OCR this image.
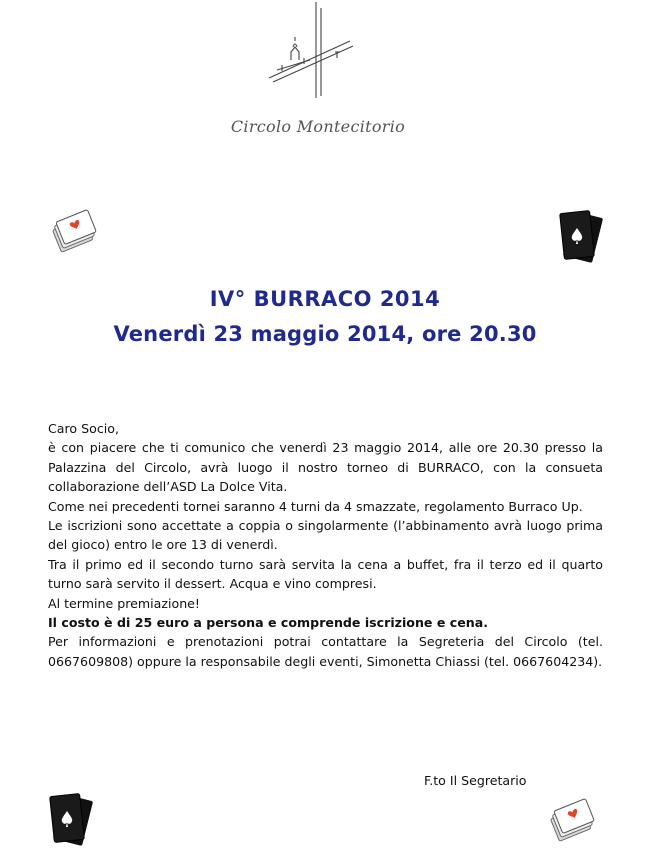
Circolo Montecitorio
IV° BURRACO 2014
Venerdì 23 maggio 2014, ore 20.30

Caro Socio,

è con piacere che ti comunico che venerdì 23 maggio 2014, alle ore 20.30 presso la Palazzina del Circolo, avrà luogo il nostro torneo di BURRACO, con la consueta collaborazione dell’ASD La Dolce Vita.

Come nei precedenti tornei saranno 4 turni da 4 smazzate, regolamento Burraco Up.

Le iscrizioni sono accettate a coppia o singolarmente (l’abbinamento avrà luogo prima del gioco) entro le ore 13 di venerdì.

Tra il primo ed il secondo turno sarà servita la cena a buffet, fra il terzo ed il quarto turno sarà servito il dessert. Acqua e vino compresi.

Al termine premiazione!

Il costo è di 25 euro a persona e comprende iscrizione e cena.

Per informazioni e prenotazioni potrai contattare la Segreteria del Circolo (tel. 0667609808) oppure la responsabile degli eventi, Simonetta Chiassi (tel. 0667604234).

F.to Il Segretario
